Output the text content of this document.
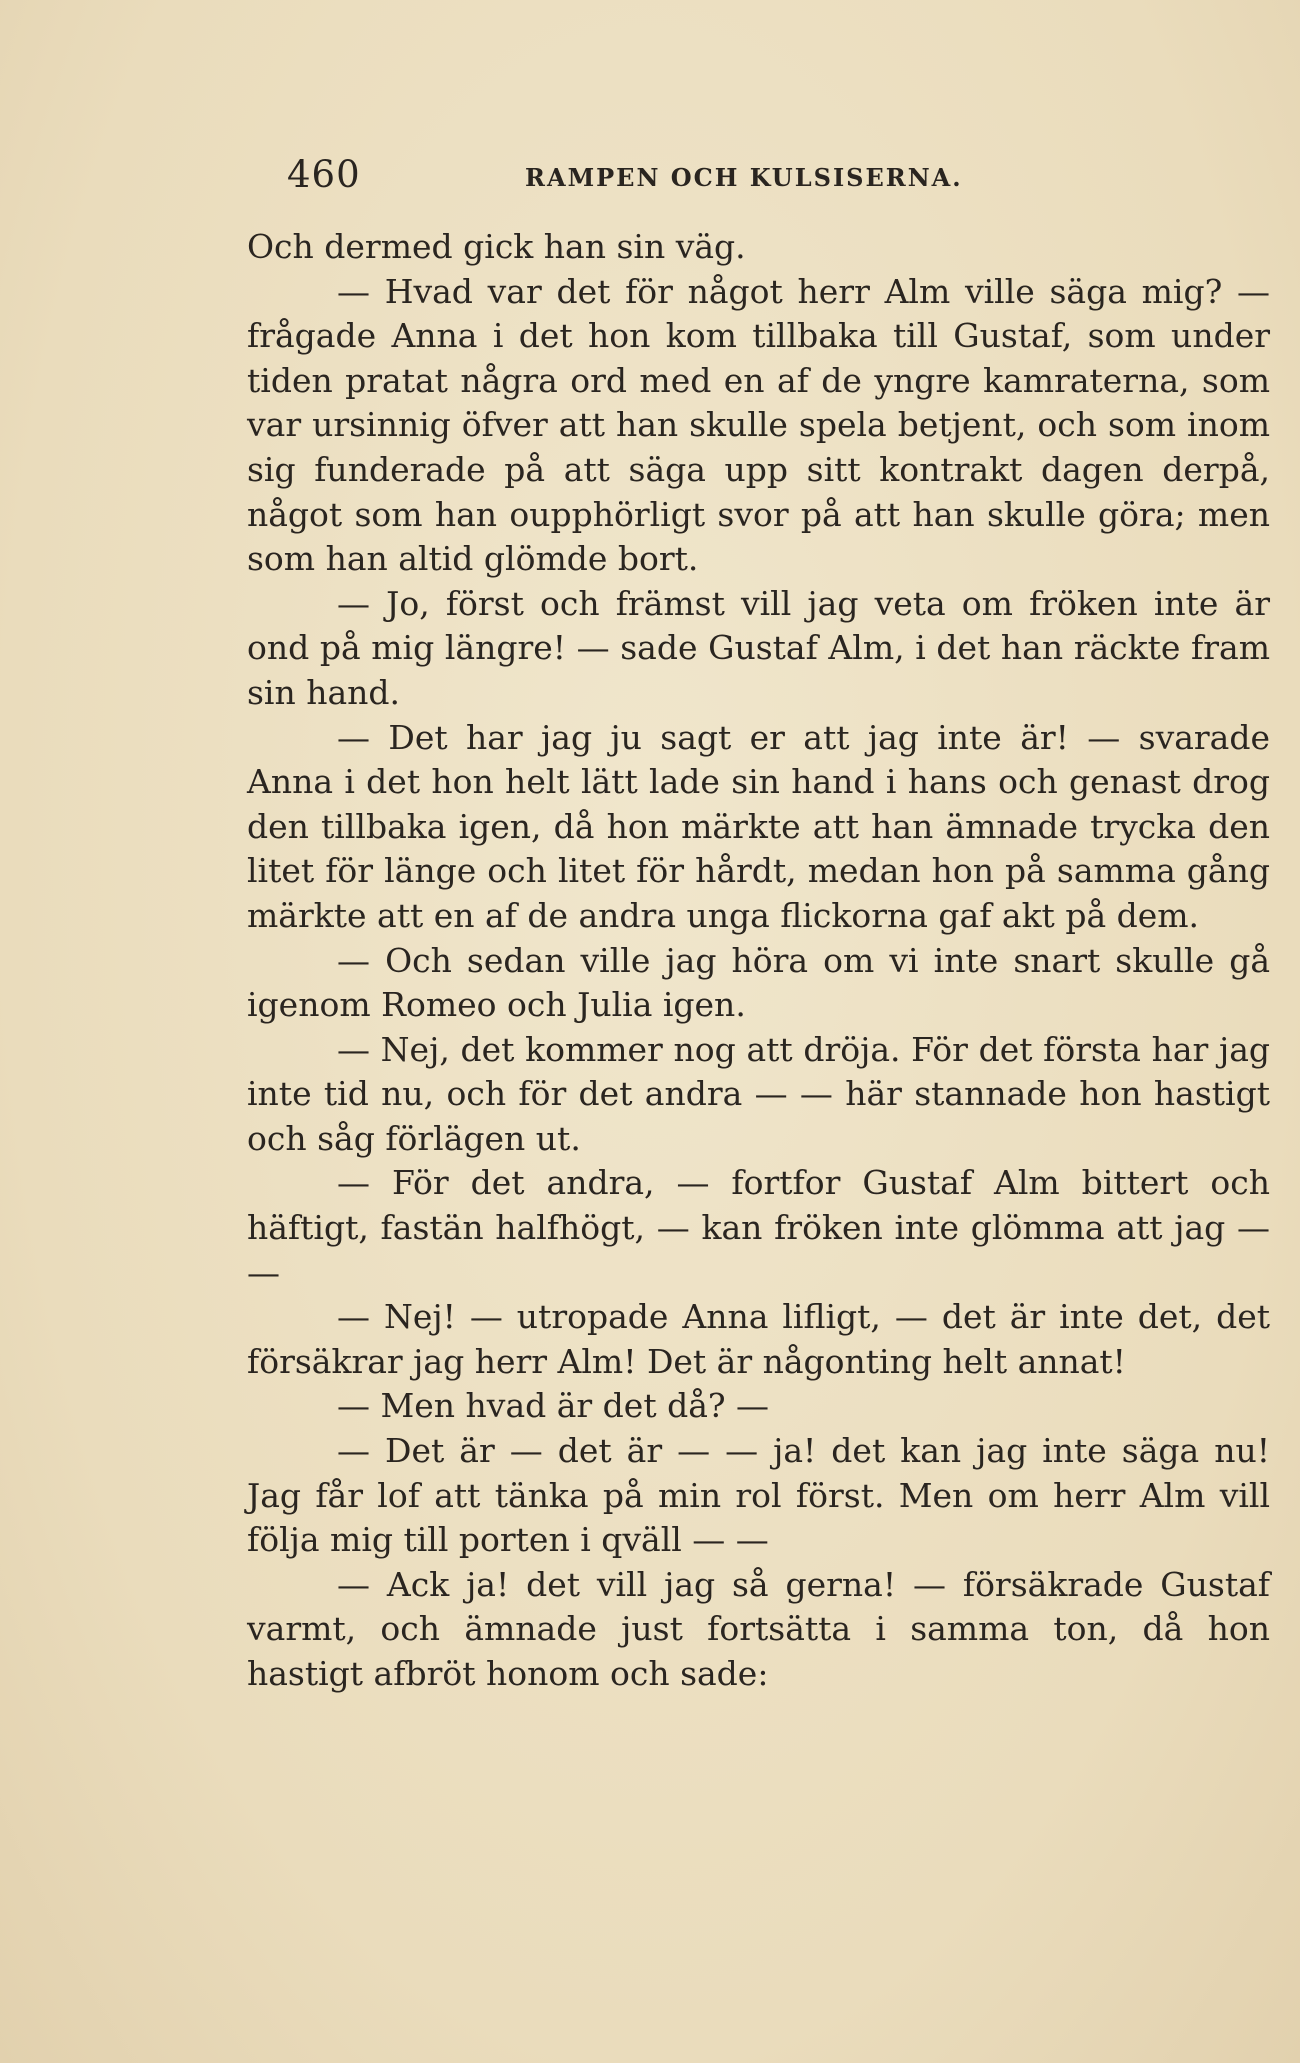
460	RAMPEN OCH KULSISERNA.

Och dermed gick han sin väg.

— Hvad var det för något herr Alm ville säga mig? — frågade Anna i det hon kom tillbaka till Gustaf, som under tiden pratat några ord med en af de yngre kamraterna, som var ursinnig öfver att han skulle spela betjent, och som inom sig funderade på att säga upp sitt kontrakt dagen derpå, något som han oupphörligt svor på att han skulle göra; men som han altid glömde bort.

— Jo, först och främst vill jag veta om fröken inte är ond på mig längre! — sade Gustaf Alm, i det han räckte fram sin hand.

— Det har jag ju sagt er att jag inte är! — svarade Anna i det hon helt lätt lade sin hand i hans och genast drog den tillbaka igen, då hon märkte att han ämnade trycka den litet för länge och litet för hårdt, medan hon på samma gång märkte att en af de andra unga flickorna gaf akt på dem.

— Och sedan ville jag höra om vi inte snart skulle gå igenom Romeo och Julia igen.

— Nej, det kommer nog att dröja. För det första har jag inte tid nu, och för det andra — — här stannade hon hastigt och såg förlägen ut.

— För det andra, — fortfor Gustaf Alm bittert och häftigt, fastän halfhögt, — kan fröken inte glömma att jag — —

— Nej! — utropade Anna lifligt, — det är inte det, det försäkrar jag herr Alm! Det är någonting helt annat!

— Men hvad är det då? —

— Det är — det är — — ja! det kan jag inte säga nu! Jag får lof att tänka på min rol först. Men om herr Alm vill följa mig till porten i qväll — —

— Ack ja! det vill jag så gerna! — försäkrade Gustaf varmt, och ämnade just fortsätta i samma ton, då hon hastigt afbröt honom och sade:
